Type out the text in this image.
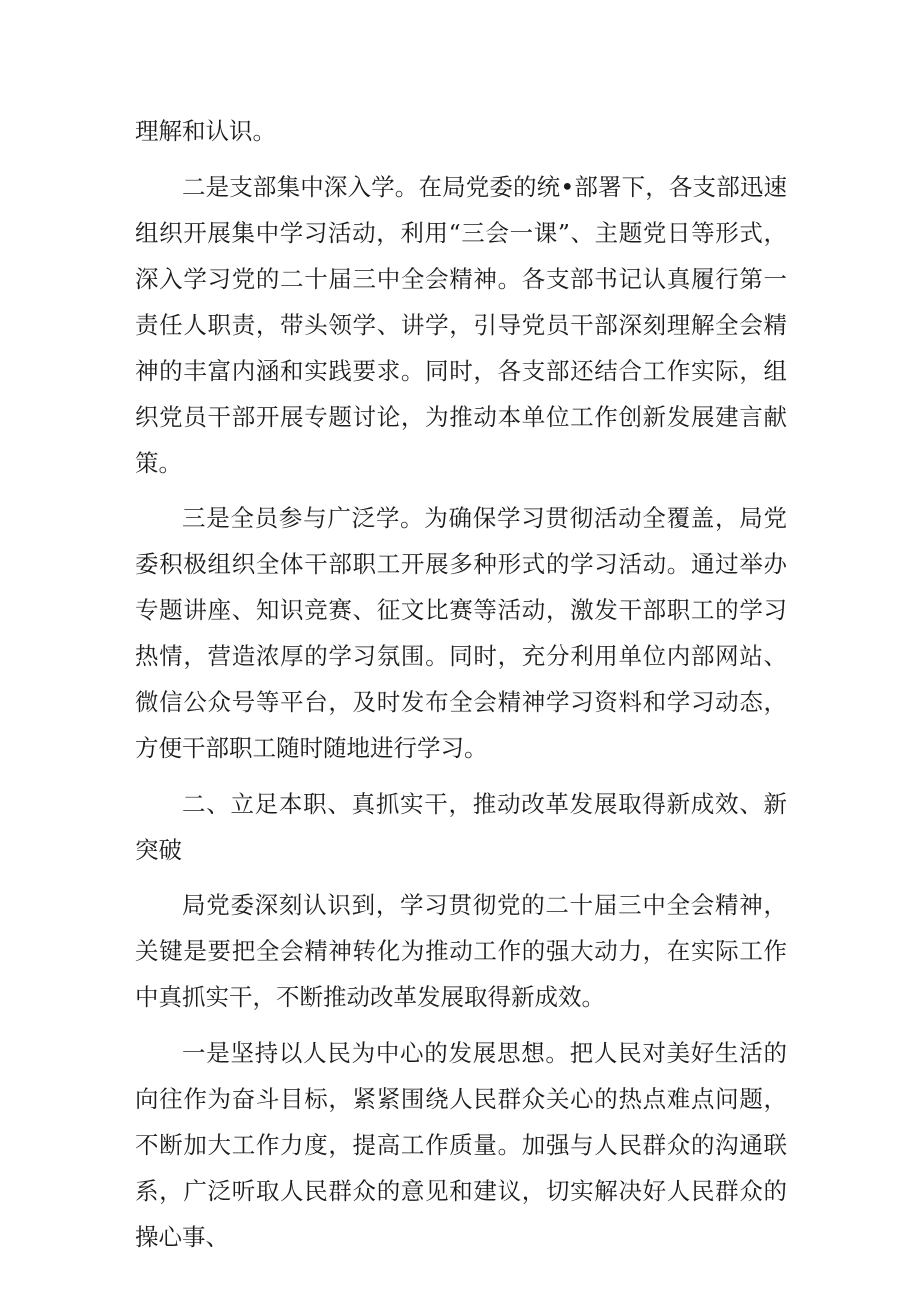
理解和认识。

二是支部集中深入学。在局党委的统•部署下，各支部迅速组织开展集中学习活动，利用“三会一课”、主题党日等形式，深入学习党的二十届三中全会精神。各支部书记认真履行第一责任人职责，带头领学、讲学，引导党员干部深刻理解全会精神的丰富内涵和实践要求。同时，各支部还结合工作实际，组织党员干部开展专题讨论，为推动本单位工作创新发展建言献策。

三是全员参与广泛学。为确保学习贯彻活动全覆盖，局党委积极组织全体干部职工开展多种形式的学习活动。通过举办专题讲座、知识竞赛、征文比赛等活动，激发干部职工的学习热情，营造浓厚的学习氛围。同时，充分利用单位内部网站、微信公众号等平台，及时发布全会精神学习资料和学习动态，方便干部职工随时随地进行学习。

二、立足本职、真抓实干，推动改革发展取得新成效、新突破

局党委深刻认识到，学习贯彻党的二十届三中全会精神，关键是要把全会精神转化为推动工作的强大动力，在实际工作中真抓实干，不断推动改革发展取得新成效。

一是坚持以人民为中心的发展思想。把人民对美好生活的向往作为奋斗目标，紧紧围绕人民群众关心的热点难点问题，不断加大工作力度，提高工作质量。加强与人民群众的沟通联系，广泛听取人民群众的意见和建议，切实解决好人民群众的操心事、
